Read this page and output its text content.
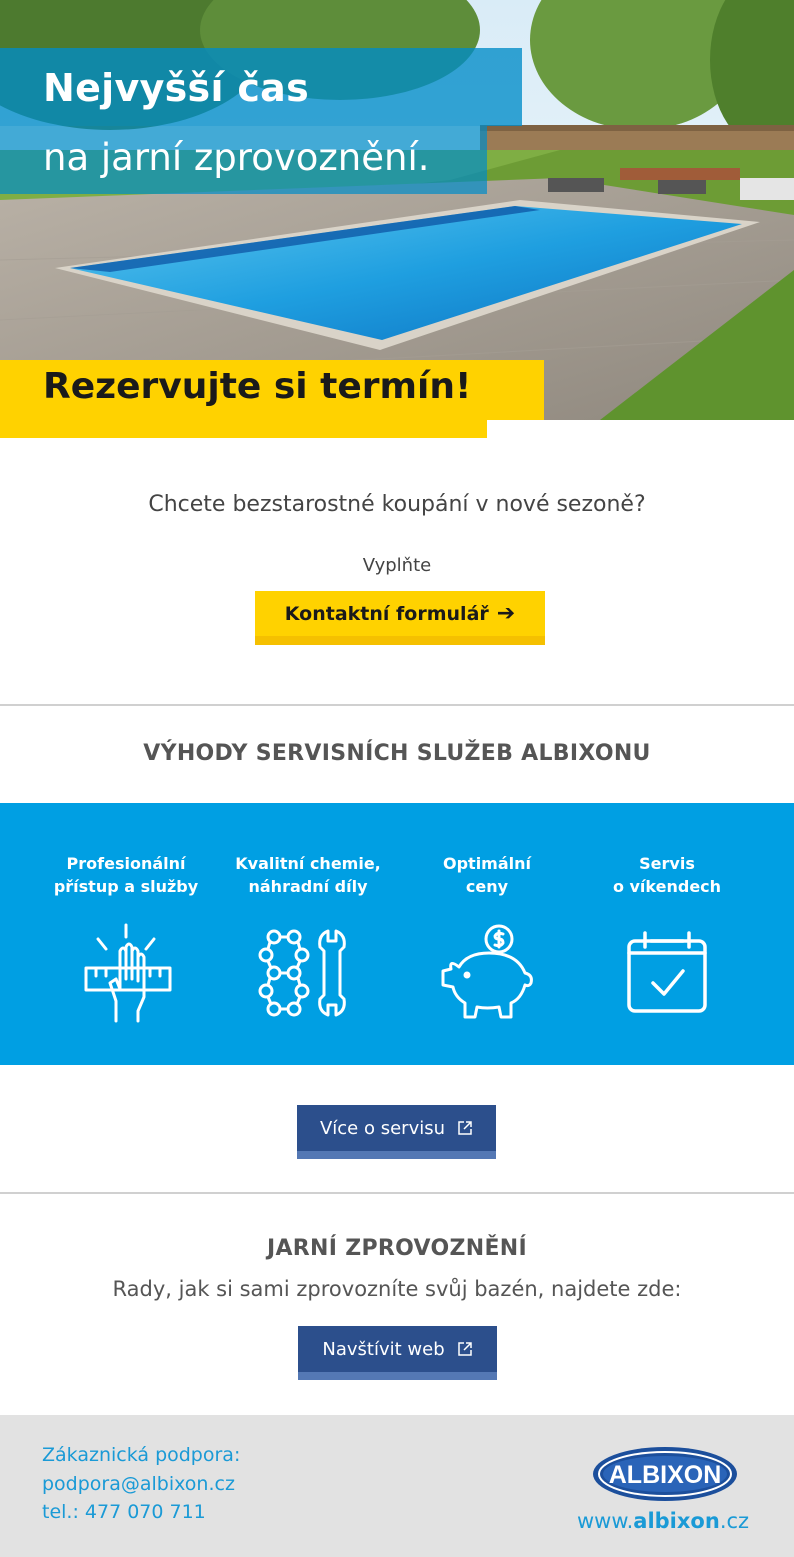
Nejvyšší čas
na jarní zprovoznění.
Rezervujte si termín!
Chcete bezstarostné koupání v nové sezoně?
Vyplňte
Kontaktní formulář ➔
VÝHODY SERVISNÍCH SLUŽEB ALBIXONU
Profesionální
přístup a služby
Kvalitní chemie,
náhradní díly
Optimální
ceny
Servis
o víkendech
Více o servisu
JARNÍ ZPROVOZNĚNÍ
Rady, jak si sami zprovozníte svůj bazén, najdete zde:
Navštívit web
Zákaznická podpora:
podpora@albixon.cz
tel.: 477 070 711
ALBIXON
www.albixon.cz
